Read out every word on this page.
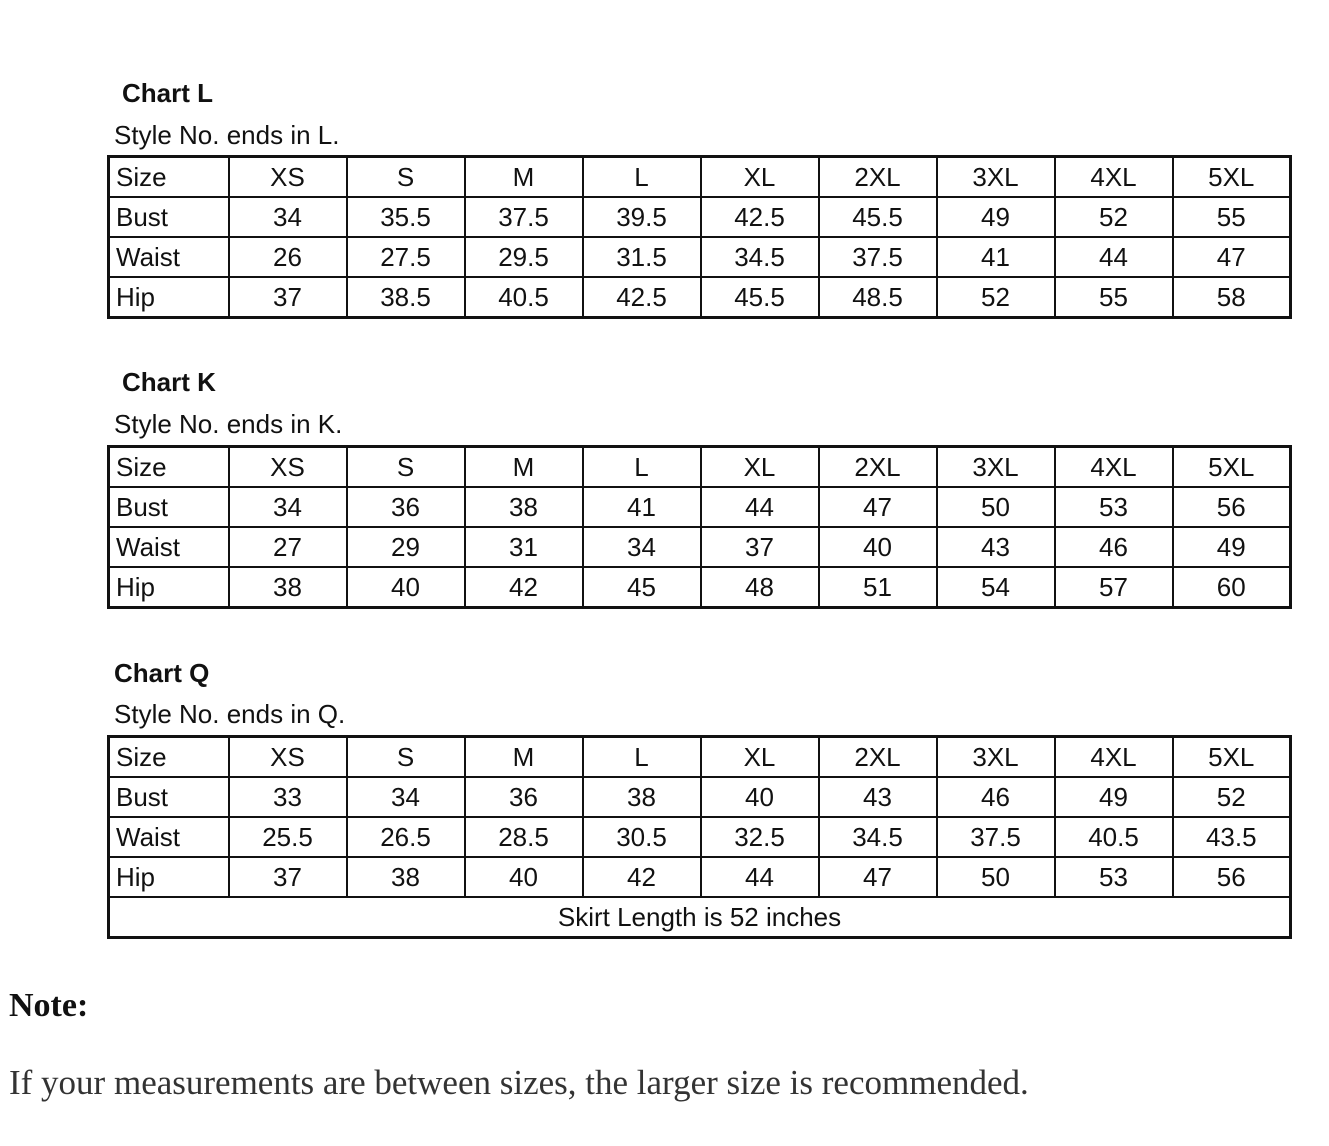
Chart L
Style No. ends in L.
Size	XS	S	M	L	XL	2XL	3XL	4XL	5XL
Bust	34	35.5	37.5	39.5	42.5	45.5	49	52	55
Waist	26	27.5	29.5	31.5	34.5	37.5	41	44	47
Hip	37	38.5	40.5	42.5	45.5	48.5	52	55	58
Chart K
Style No. ends in K.
Size	XS	S	M	L	XL	2XL	3XL	4XL	5XL
Bust	34	36	38	41	44	47	50	53	56
Waist	27	29	31	34	37	40	43	46	49
Hip	38	40	42	45	48	51	54	57	60
Chart Q
Style No. ends in Q.
Size	XS	S	M	L	XL	2XL	3XL	4XL	5XL
Bust	33	34	36	38	40	43	46	49	52
Waist	25.5	26.5	28.5	30.5	32.5	34.5	37.5	40.5	43.5
Hip	37	38	40	42	44	47	50	53	56
Skirt Length is 52 inches									
Note:
If your measurements are between sizes, the larger size is recommended.
